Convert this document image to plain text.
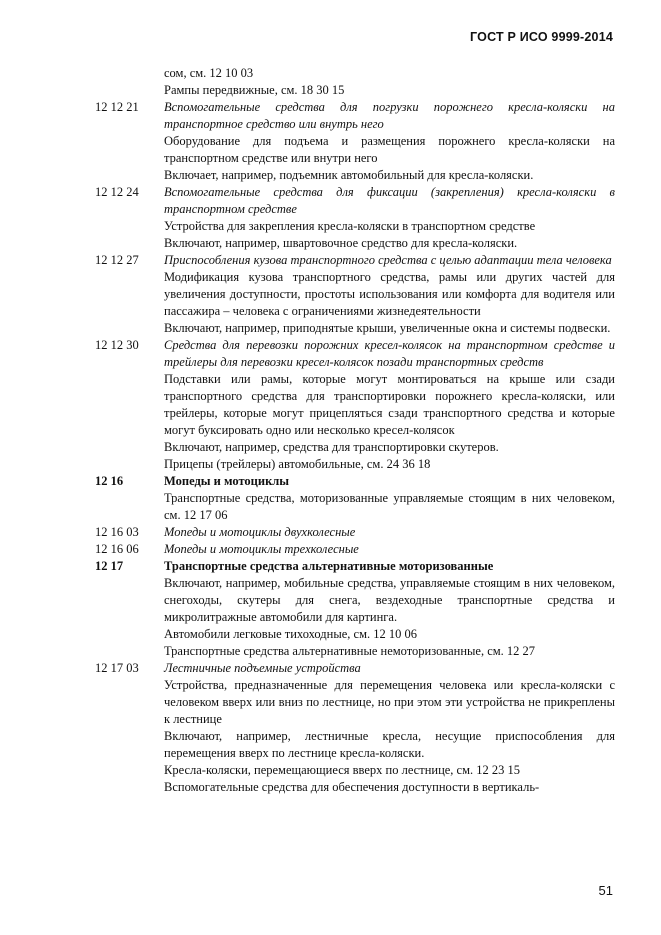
ГОСТ Р ИСО 9999-2014
сом, см. 12 10 03
Рампы передвижные, см. 18 30 15
12 12 21	Вспомогательные средства для погрузки порожнего кресла-коляски на транспортное средство или внутрь него
Оборудование для подъема и размещения порожнего кресла-коляски на транспортном средстве или внутри него
Включает, например, подъемник автомобильный для кресла-коляски.
12 12 24	Вспомогательные средства для фиксации (закрепления) кресла-коляски в транспортном средстве
Устройства для закрепления кресла-коляски в транспортном средстве
Включают, например, швартовочное средство для кресла-коляски.
12 12 27	Приспособления кузова транспортного средства с целью адаптации тела человека
Модификация кузова транспортного средства, рамы или других частей для увеличения доступности, простоты использования или комфорта для водителя или пассажира – человека с ограничениями жизнедеятельности
Включают, например, приподнятые крыши, увеличенные окна и системы подвески.
12 12 30	Средства для перевозки порожних кресел-колясок на транспортном средстве и трейлеры для перевозки кресел-колясок позади транспортных средств
Подставки или рамы, которые могут монтироваться на крыше или сзади транспортного средства для транспортировки порожнего кресла-коляски, или трейлеры, которые могут прицепляться сзади транспортного средства и которые могут буксировать одно или несколько кресел-колясок
Включают, например, средства для транспортировки скутеров.
Прицепы (трейлеры) автомобильные, см. 24 36 18
12 16	Мопеды и мотоциклы
Транспортные средства, моторизованные управляемые стоящим в них человеком, см. 12 17 06
12 16 03	Мопеды и мотоциклы двухколесные
12 16 06	Мопеды и мотоциклы трехколесные
12 17	Транспортные средства альтернативные моторизованные
Включают, например, мобильные средства, управляемые стоящим в них человеком, снегоходы, скутеры для снега, вездеходные транспортные средства и микролитражные автомобили для картинга.
Автомобили легковые тихоходные, см. 12 10 06
Транспортные средства альтернативные немоторизованные, см. 12 27
12 17 03	Лестничные подъемные устройства
Устройства, предназначенные для перемещения человека или кресла-коляски с человеком вверх или вниз по лестнице, но при этом эти устройства не прикреплены к лестнице
Включают, например, лестничные кресла, несущие приспособления для перемещения вверх по лестнице кресла-коляски.
Кресла-коляски, перемещающиеся вверх по лестнице, см. 12 23 15
Вспомогательные средства для обеспечения доступности в вертикаль-
51
